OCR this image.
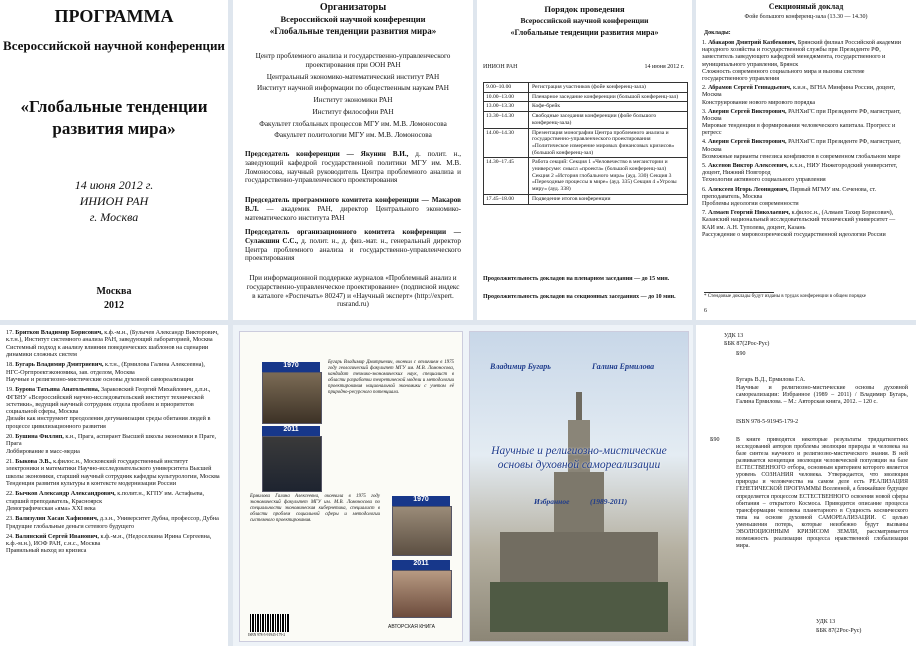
ПРОГРАММА
Всероссийской научной конференции
«Глобальные тенденции
развития мира»
14 июня 2012 г.
ИНИОН РАН
г. Москва
Москва
2012
Организаторы
Всероссийской научной конференции
«Глобальные тенденции развития мира»
Центр проблемного анализа и государственно-управленческого проектирования при ООН РАН
Центральный экономико-математический институт РАН
Институт научной информации по общественным наукам РАН
Институт экономики РАН
Институт философии РАН
Факультет глобальных процессов МГУ им. М.В. Ломоносова
Факультет политологии МГУ им. М.В. Ломоносова
Председатель конференции — Якунин В.И., д. полит. н., заведующий кафедрой государственной политики МГУ им. М.В. Ломоносова, научный руководитель Центра проблемного анализа и государственно-управленческого проектирования
Председатель программного комитета конференции — Макаров В.Л. — академик РАН, директор Центрального экономико-математического института РАН
Председатель организационного комитета конференции — Сулакшин С.С., д. полит. н., д. физ.-мат. н., генеральный директор Центра проблемного анализа и государственно-управленческого проектирования
При информационной поддержке журналов «Проблемный анализ и государственно-управленческое проектирование» (подписной индекс в каталоге «Роспечать» 80247) и «Научный эксперт» (http://expert. rusrand.ru)
Порядок проведения
Всероссийской научной конференции
«Глобальные тенденции развития мира»
ИНИОН РАН	14 июня 2012 г.
9.00–10.00	Регистрация участников (фойе конференц-зала)
10.00–13.00	Пленарное заседание конференции (большой конференц-зал)
13.00–13.30	Кофе-брейк
13.30–14.30	Свободные заседания конференции (фойе большого конференц-зала)
14.00–14.30	Презентация монографии Центра проблемного анализа и государственно-управленческого проектирования «Политическое измерение мировых финансовых кризисов» (большой конференц-зал)
14.30–17.45	Работа секций: Секция 1 «Человечество в мегаистории и универсуме: смысл «проекта» (большой конференц-зал) Секция 2 «История глобального мира» (ауд. 330) Секция 3 «Переходные процессы в мире» (ауд. 335) Секция 4 «Угрозы миру» (ауд. 338)
17.45–18.00	Подведение итогов конференции
Продолжительность докладов на пленарном заседании — до 15 мин.
Продолжительность докладов на секционных заседаниях — до 10 мин.
Секционный доклад
Фойе большого конференц-зала (13.30 — 14.30)
Доклады:
1. Абакаров Дмитрий Казбекович, Брянский филиал Российской академии народного хозяйства и государственной службы при Президенте РФ, заместитель заведующего кафедрой менеджмента, государственного и муниципального управления, Брянск
Сложность современного социального мира и вызовы системе государственного управления
2. Абрамов Сергей Геннадьевич, к.и.н., ВГНА Минфина России, доцент, Москва
Конструирование нового мирового порядка
3. Аверин Сергей Викторович, РАНХиГС при Президенте РФ, магистрант, Москва
Мировые тенденции в формировании человеческого капитала. Прогресс и регресс
4. Аверин Сергей Викторович, РАНХиГС при Президенте РФ, магистрант, Москва
Возможные варианты генезиса конфликтов в современном глобальном мире
5. Аксенов Виктор Алексеевич, к.х.н., НИУ Нижегородский университет, доцент, Нижний Новгород
Технологии активного социального управления
6. Алексеев Игорь Леонидович, Первый МГМУ им. Сеченова, ст. преподаватель, Москва
Проблемы идеологии современности
7. Алмаев Георгий Николаевич, к.филос.н., (Алмаев Тахир Борисович), Казанский национальный исследовательский технический университет — КАИ им. А.Н. Туполева, доцент, Казань
Рассуждение о мировоззренческой государственной идеологии России
* Стендовые доклады будут изданы в трудах конференции в общем порядке
6
17. Бритков Владимир Борисович, к.ф.-м.н., (Булычев Александр Викторович, к.т.н.), Институт системного анализа РАН, заведующий лабораторией, Москва
Системный подход к анализу влияния поведенческих шаблонов на сценарии динамики сложных систем
18. Бугарь Владимир Дмитриевич, к.т.н., (Ермилова Галина Алексеевна), НГС-Оргпроектэкономика, зав. отделом, Москва
Научные и религиозно-мистические основы духовной самореализации
19. Бурова Татьяна Анатольевна, Зараковский Георгий Михайлович, д.п.н., ФГБНУ «Всероссийский научно-исследовательский институт технической эстетики», ведущий научный сотрудник отдела проблем и приоритетов социальной сферы, Москва
Дизайн как инструмент преодоления дегуманизации среды обитания людей в процессе цивилизационного развития
20. Бушина Филлип, к.н., Прага, аспирант Высшей школы экономики в Праге, Прага
Лоббирование в масс-медиа
21. Быкова Э.В., к.филос.н., Московский государственный институт электроники и математики Научно-исследовательского университета Высшей школы экономики, старший научный сотрудник кафедры культурологии, Москва
Тенденция развития культуры в контексте модернизации России
22. Бычков Александр Александрович, к.полит.н., КГПУ им. Астафьева, старший преподаватель, Красноярск
Демографическая «яма» XXI века
23. Вализулин Хасан Хафизович, д.э.н., Университет Дубна, профессор, Дубна
Грядущие глобальные деньги сетевого будущего
24. Валянский Сергей Иванович, к.ф.-м.н., (Недоселкина Ирина Сергеевна, к.ф.-м.н.), ИОФ РАН, с.н.с., Москва
Правильный выход из кризиса
1970
2011
Бугарь Владимир Дмитриевич, окончил с отличием в 1975 году геологический факультет МГУ им. М.В. Ломоносова, кандидат технико-экономических наук, специалист в области разработки теоретической модели и методологии проектирования национальной экономики с учетом её природно-ресурсного потенциала.
Ермилова Галина Алексеевна, окончила в 1975 году экономический факультет МГУ им. М.В. Ломоносова по специальности экономическая кибернетика, специалист в области проблем социальной сферы и методологии системного проектирования.
1970
2011
ISBN 978-5-91945-179-2
АВТОРСКАЯ КНИГА
Владимир Бугарь	Галина Ермилова
Научные и религиозно-мистические основы духовной самореализации
Избранное	(1989-2011)
УДК 13
ББК 87(2Рос-Рус)
Б90
Бугарь В.Д., Ермилова Г.А.
Научные и религиозно-мистические основы духовной самореализации: Избранное (1989 – 2011) / Владимир Бугарь, Галина Ермилова. – М.: Авторская книга, 2012. – 120 с.
ISBN 978-5-91945-179-2
Б90	В книге приводятся некоторые результаты тридцатилетних исследований авторов проблемы эволюции природы и человека на базе синтеза научного и религиозно-мистического знания. В ней развивается концепция эволюции человеческой популяции на базе ЕСТЕСТВЕННОГО отбора, основным критерием которого является уровень СОЗНАНИЯ человека. Утверждается, что эволюция природы и человечества на самом деле есть РЕАЛИЗАЦИЯ ГЕНЕТИЧЕСКОЙ ПРОГРАММЫ Вселенной, а ближайшее будущее определяется процессом ЕСТЕСТВЕННОГО освоения новой сферы обитания – открытого Космоса. Приводится описание процесса трансформации человека планетарного в Сущность космического типа на основе духовной САМОРЕАЛИЗАЦИИ. С целью уменьшения потерь, которые неизбежно будут вызваны ЭВОЛЮЦИОННЫМ КРИЗИСОМ ЗЕМЛИ, рассматривается возможность реализации процесса нравственной глобализации мира.
УДК 13
ББК 87(2Рос-Рус)
